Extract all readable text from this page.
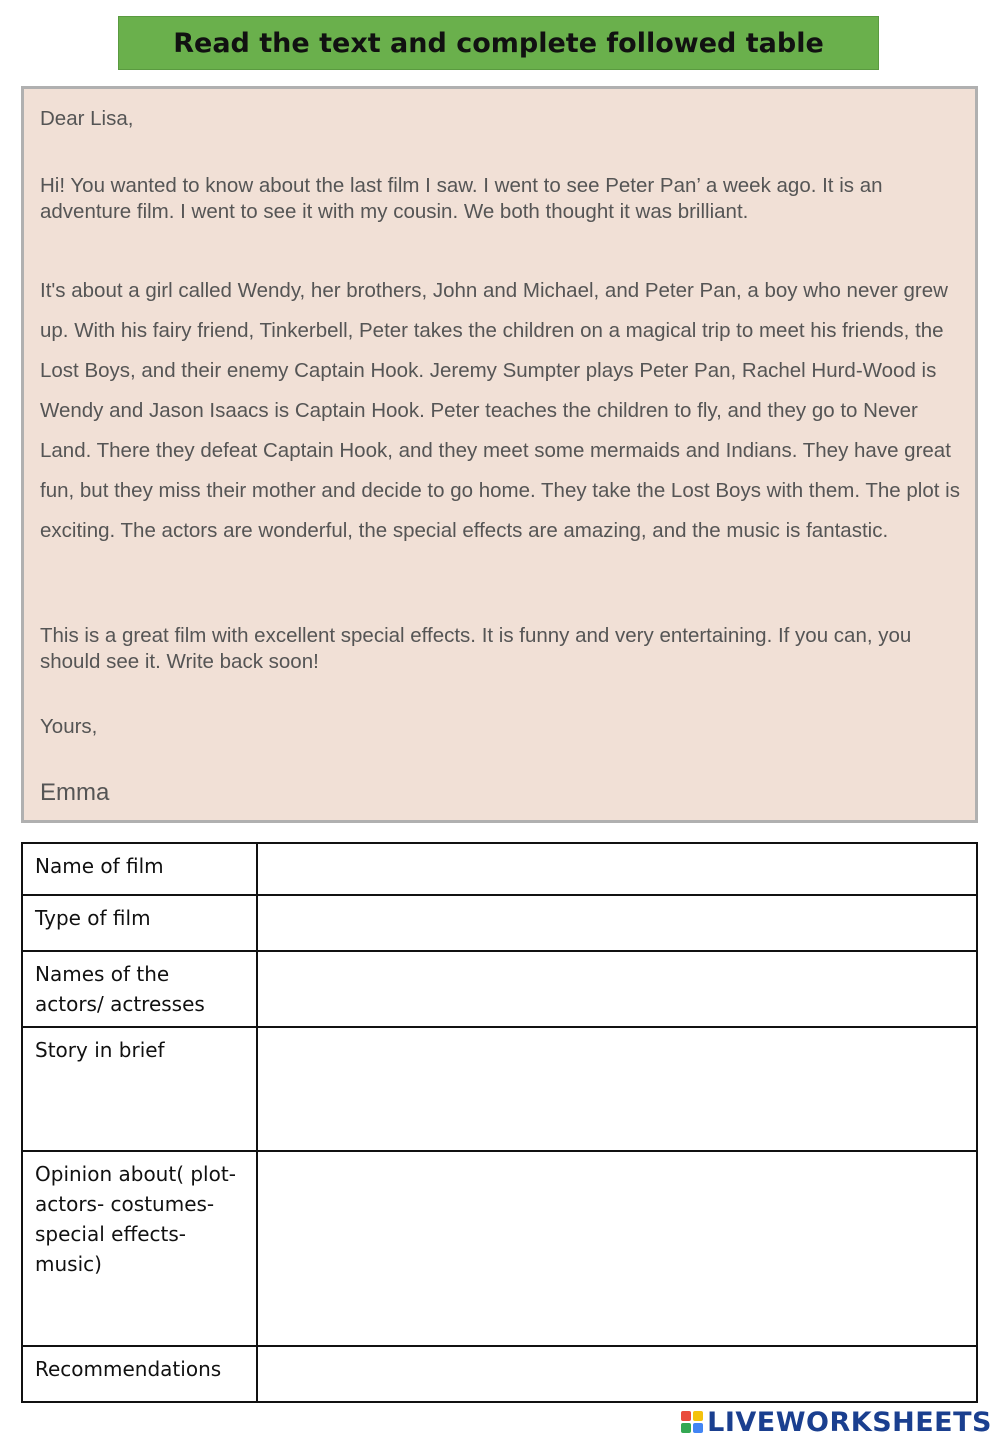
Read the text and complete followed table

Dear Lisa,

Hi! You wanted to know about the last film I saw. I went to see Peter Pan’ a week ago. It is an adventure film. I went to see it with my cousin. We both thought it was brilliant.

It's about a girl called Wendy, her brothers, John and Michael, and Peter Pan, a boy who never grew up. With his fairy friend, Tinkerbell, Peter takes the children on a magical trip to meet his friends, the Lost Boys, and their enemy Captain Hook. Jeremy Sumpter plays Peter Pan, Rachel Hurd-Wood is Wendy and Jason Isaacs is Captain Hook. Peter teaches the children to fly, and they go to Never Land. There they defeat Captain Hook, and they meet some mermaids and Indians. They have great fun, but they miss their mother and decide to go home. They take the Lost Boys with them. The plot is exciting. The actors are wonderful, the special effects are amazing, and the music is fantastic.

This is a great film with excellent special effects. It is funny and very entertaining. If you can, you should see it. Write back soon!

Yours,

Emma

Name of film	
Type of film	
Names of the actors/ actresses	
Story in brief	
Opinion about( plot- actors- costumes- special effects- music)	
Recommendations	
LIVEWORKSHEETS
